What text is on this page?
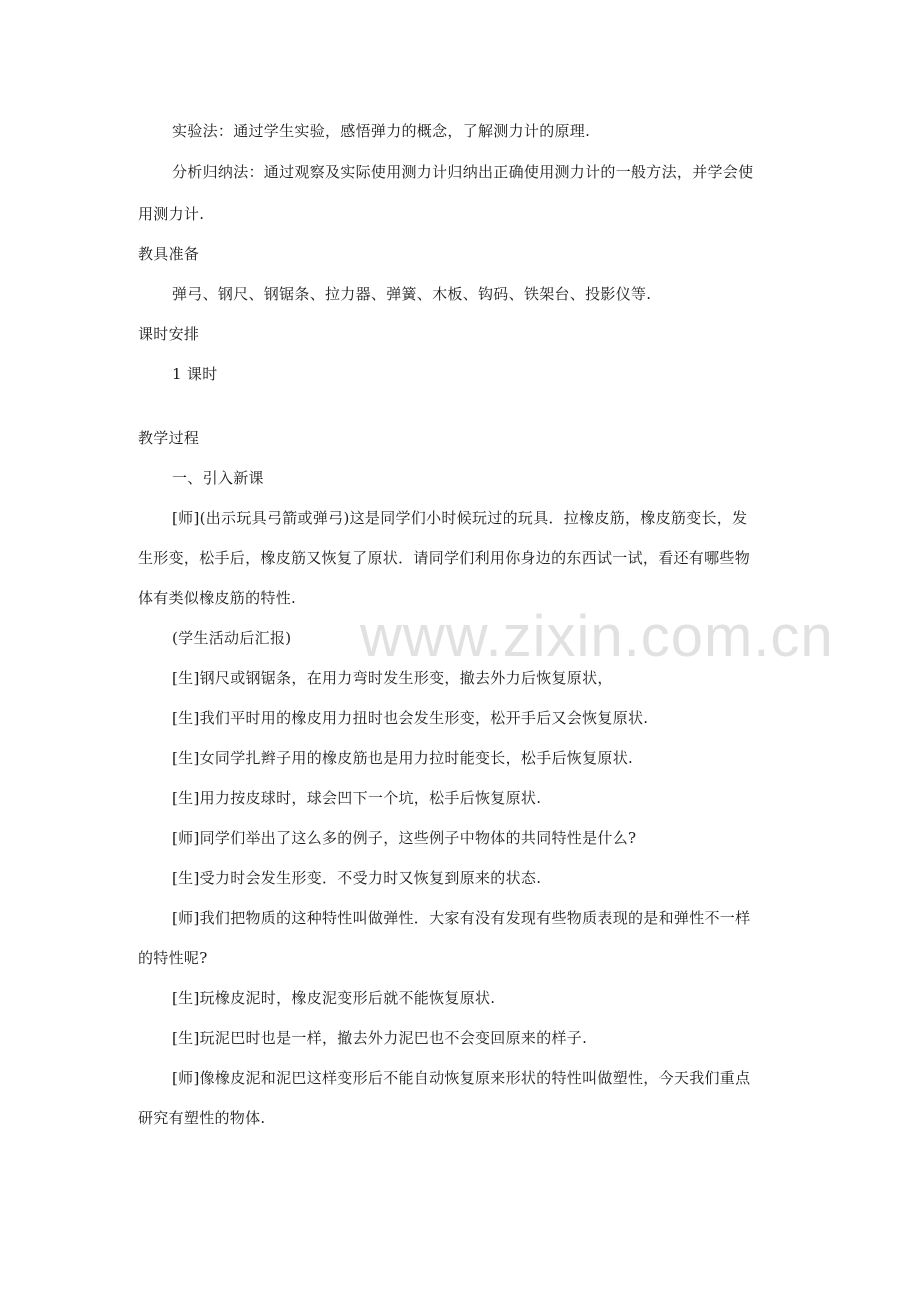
www.zixin.com.cn
实验法：通过学生实验，感悟弹力的概念，了解测力计的原理.
分析归纳法：通过观察及实际使用测力计归纳出正确使用测力计的一般方法，并学会使
用测力计.
教具准备
弹弓、钢尺、钢锯条、拉力器、弹簧、木板、钩码、铁架台、投影仪等.
课时安排
1 课时
教学过程
一、引入新课
[师](出示玩具弓箭或弹弓)这是同学们小时候玩过的玩具．拉橡皮筋，橡皮筋变长，发
生形变，松手后，橡皮筋又恢复了原状．请同学们利用你身边的东西试一试，看还有哪些物
体有类似橡皮筋的特性.
(学生活动后汇报)
[生]钢尺或钢锯条，在用力弯时发生形变，撤去外力后恢复原状，
[生]我们平时用的橡皮用力扭时也会发生形变，松开手后又会恢复原状.
[生]女同学扎辫子用的橡皮筋也是用力拉时能变长，松手后恢复原状.
[生]用力按皮球时，球会凹下一个坑，松手后恢复原状.
[师]同学们举出了这么多的例子，这些例子中物体的共同特性是什么?
[生]受力时会发生形变．不受力时又恢复到原来的状态.
[师]我们把物质的这种特性叫做弹性．大家有没有发现有些物质表现的是和弹性不一样
的特性呢?
[生]玩橡皮泥时，橡皮泥变形后就不能恢复原状.
[生]玩泥巴时也是一样，撤去外力泥巴也不会变回原来的样子.
[师]像橡皮泥和泥巴这样变形后不能自动恢复原来形状的特性叫做塑性，今天我们重点
研究有塑性的物体.
